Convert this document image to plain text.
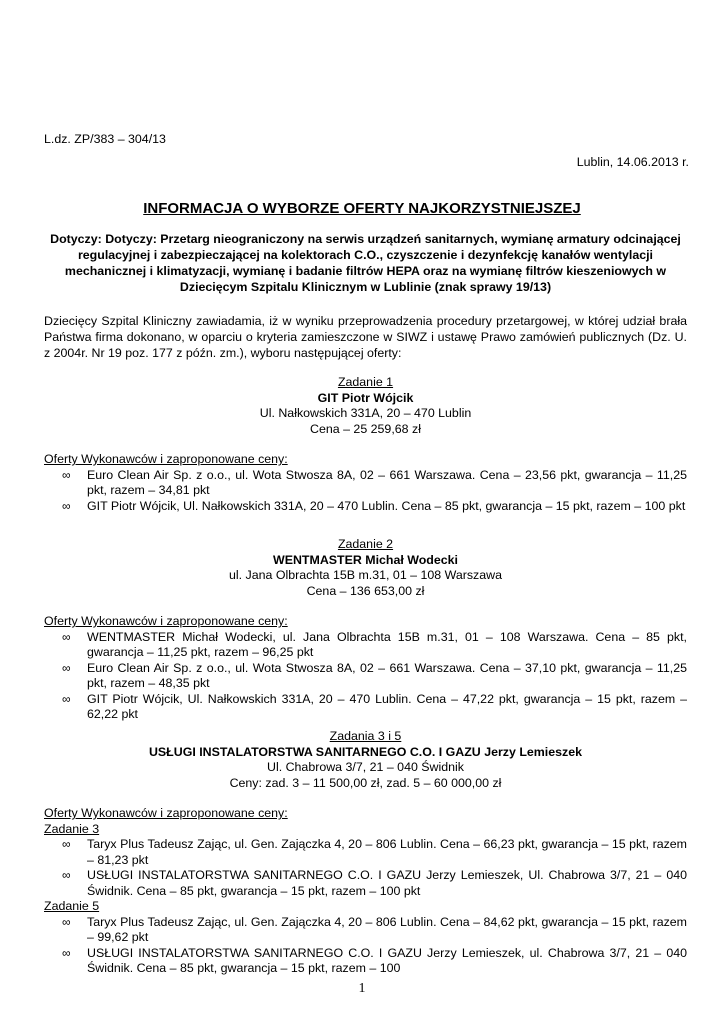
L.dz. ZP/383 – 304/13
Lublin, 14.06.2013 r.
INFORMACJA O WYBORZE OFERTY NAJKORZYSTNIEJSZEJ
Dotyczy: Dotyczy: Przetarg nieograniczony na serwis urządzeń sanitarnych, wymianę armatury odcinającej regulacyjnej i zabezpieczającej na kolektorach C.O., czyszczenie i dezynfekcję kanałów wentylacji mechanicznej i klimatyzacji, wymianę i badanie filtrów HEPA oraz na wymianę filtrów kieszeniowych w Dziecięcym Szpitalu Klinicznym w Lublinie (znak sprawy 19/13)
Dziecięcy Szpital Kliniczny zawiadamia, iż w wyniku przeprowadzenia procedury przetargowej, w której udział brała Państwa firma dokonano, w oparciu o kryteria zamieszczone w SIWZ i ustawę Prawo zamówień publicznych (Dz. U. z 2004r. Nr 19 poz. 177 z późn. zm.), wyboru następującej oferty:
Zadanie 1
GIT Piotr Wójcik
Ul. Nałkowskich 331A, 20 – 470 Lublin
Cena – 25 259,68 zł
Oferty Wykonawców i zaproponowane ceny:
∞ Euro Clean Air Sp. z o.o., ul. Wota Stwosza 8A, 02 – 661 Warszawa. Cena – 23,56 pkt, gwarancja – 11,25 pkt, razem – 34,81 pkt
∞ GIT Piotr Wójcik, Ul. Nałkowskich 331A, 20 – 470 Lublin. Cena – 85 pkt, gwarancja – 15 pkt, razem – 100 pkt
Zadanie 2
WENTMASTER Michał Wodecki
ul. Jana Olbrachta 15B m.31, 01 – 108 Warszawa
Cena – 136 653,00 zł
Oferty Wykonawców i zaproponowane ceny:
∞ WENTMASTER Michał Wodecki, ul. Jana Olbrachta 15B m.31, 01 – 108 Warszawa. Cena – 85 pkt, gwarancja – 11,25 pkt, razem – 96,25 pkt
∞ Euro Clean Air Sp. z o.o., ul. Wota Stwosza 8A, 02 – 661 Warszawa. Cena – 37,10 pkt, gwarancja – 11,25 pkt, razem – 48,35 pkt
∞ GIT Piotr Wójcik, Ul. Nałkowskich 331A, 20 – 470 Lublin. Cena – 47,22 pkt, gwarancja – 15 pkt, razem – 62,22 pkt
Zadania 3 i 5
USŁUGI INSTALATORSTWA SANITARNEGO C.O. I GAZU Jerzy Lemieszek
Ul. Chabrowa 3/7, 21 – 040 Świdnik
Ceny: zad. 3 – 11 500,00 zł, zad. 5 – 60 000,00 zł
Oferty Wykonawców i zaproponowane ceny:
Zadanie 3
∞ Taryx Plus Tadeusz Zając, ul. Gen. Zajączka 4, 20 – 806 Lublin. Cena – 66,23 pkt, gwarancja – 15 pkt, razem – 81,23 pkt
∞ USŁUGI INSTALATORSTWA SANITARNEGO C.O. I GAZU Jerzy Lemieszek, Ul. Chabrowa 3/7, 21 – 040 Świdnik. Cena – 85 pkt, gwarancja – 15 pkt, razem – 100 pkt
Zadanie 5
∞ Taryx Plus Tadeusz Zając, ul. Gen. Zajączka 4, 20 – 806 Lublin. Cena – 84,62 pkt, gwarancja – 15 pkt, razem – 99,62 pkt
∞ USŁUGI INSTALATORSTWA SANITARNEGO C.O. I GAZU Jerzy Lemieszek, ul. Chabrowa 3/7, 21 – 040 Świdnik. Cena – 85 pkt, gwarancja – 15 pkt, razem – 100
1
